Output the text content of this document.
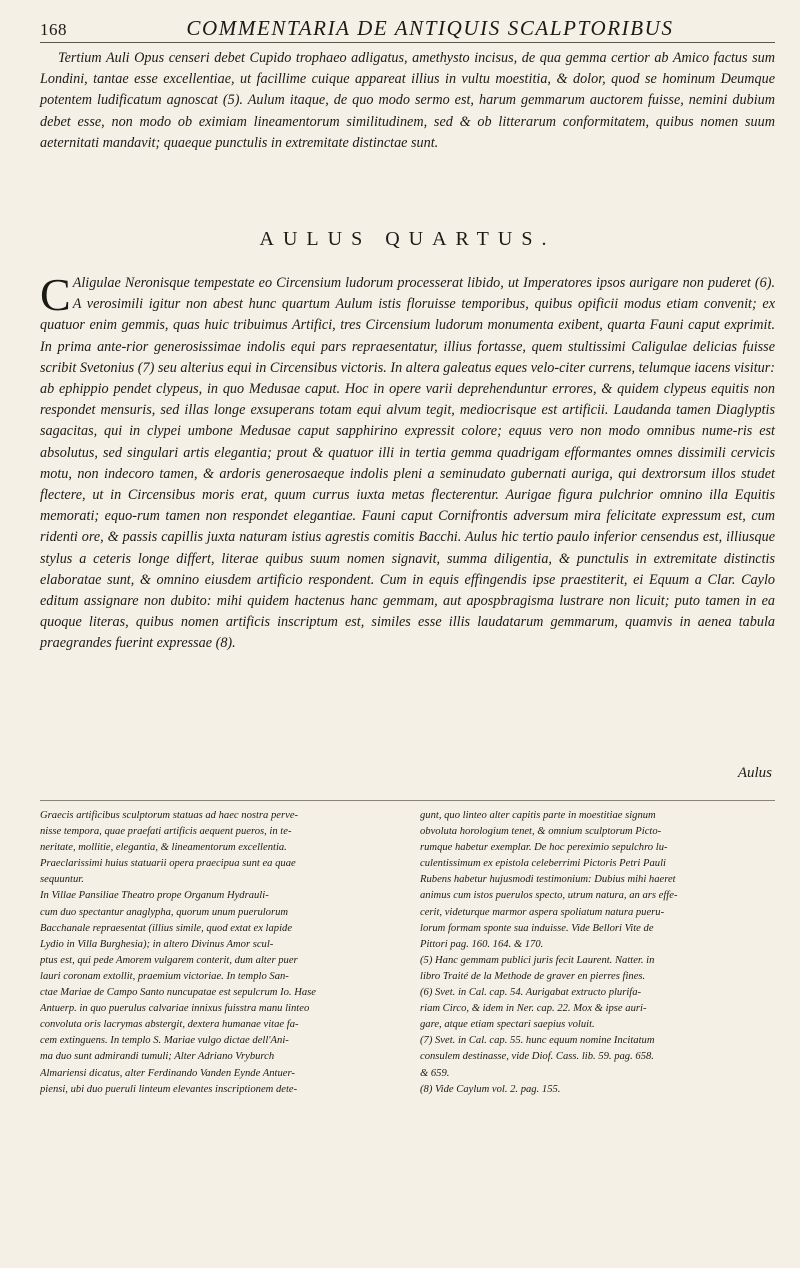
168	COMMENTARIA DE ANTIQUIS SCALPTORIBUS

Tertium Auli Opus censeri debet Cupido trophaeo adligatus, amethysto incisus, de qua gemma certior ab Amico factus sum Londini, tantae esse excellentiae, ut facillime cuique appareat illius in vultu moestitia, & dolor, quod se hominum Deumque potentem ludificatum agnoscat (5). Aulum itaque, de quo modo sermo est, harum gemmarum auctorem fuisse, nemini dubium debet esse, non modo ob eximiam lineamentorum similitudinem, sed & ob litterarum conformitatem, quibus nomen suum aeternitati mandavit; quaeque punctulis in extremitate distinctae sunt.

AULUS QUARTUS.

C Aligulae Neronisque tempestate eo Circensium ludorum processerat libido, ut Imperatores ipsos aurigare non puderet (6). A verosimili igitur non abest hunc quartum Aulum istis floruisse temporibus, quibus opificii modus etiam convenit; ex quatuor enim gemmis, quas huic tribuimus Artifici, tres Circensium ludorum monumenta exibent, quarta Fauni caput exprimit. In prima ante-rior generosissimae indolis equi pars repraesentatur, illius fortasse, quem stultissimi Caligulae delicias fuisse scribit Svetonius (7) seu alterius equi in Circensibus victoris. In altera galeatus eques velo-citer currens, telumque iacens visitur: ab ephippio pendet clypeus, in quo Medusae caput. Hoc in opere varii deprehenduntur errores, & quidem clypeus equitis non respondet mensuris, sed illas longe exsuperans totam equi alvum tegit, mediocrisque est artificii. Laudanda tamen Diaglyptis sagacitas, qui in clypei umbone Medusae caput sapphirino expressit colore; equus vero non modo omnibus nume-ris est absolutus, sed singulari artis elegantia; prout & quatuor illi in tertia gemma quadrigam efformantes omnes dissimili cervicis motu, non indecoro tamen, & ardoris generosaeque indolis pleni a seminudato gubernati auriga, qui dextrorsum illos studet flectere, ut in Circensibus moris erat, quum currus iuxta metas flecterentur. Aurigae figura pulchrior omnino illa Equitis memorati; equo-rum tamen non respondet elegantiae. Fauni caput Cornifrontis adversum mira felicitate expressum est, cum ridenti ore, & passis capillis juxta naturam istius agrestis comitis Bacchi. Aulus hic tertio paulo inferior censendus est, illiusque stylus a ceteris longe differt, literae quibus suum nomen signavit, summa diligentia, & punctulis in extremitate distinctis elaboratae sunt, & omnino eiusdem artificio respondent. Cum in equis effingendis ipse praestiterit, ei Equum a Clar. Caylo editum assignare non dubito: mihi quidem hactenus hanc gemmam, aut apospbragisma lustrare non licuit; puto tamen in ea quoque literas, quibus nomen artificis inscriptum est, similes esse illis laudatarum gemmarum, quamvis in aenea tabula praegrandes fuerint expressae (8).

Aulus
Graecis artificibus sculptorum statuas ad haec nostra perve-
nisse tempora, quae praefati artificis aequent pueros, in te-
neritate, mollitie, elegantia, & lineamentorum excellentia.
Praeclarissimi huius statuarii opera praecipua sunt ea quae
sequuntur.
In Villae Pansiliae Theatro prope Organum Hydrauli-
cum duo spectantur anaglypha, quorum unum puerulorum
Bacchanale repraesentat (illius simile, quod extat ex lapide
Lydio in Villa Burghesia); in altero Divinus Amor scul-
ptus est, qui pede Amorem vulgarem conterit, dum alter puer
lauri coronam extollit, praemium victoriae. In templo San-
ctae Mariae de Campo Santo nuncupatae est sepulcrum Io. Hase
Antuerp. in quo puerulus calvariae innixus fuisstra manu linteo
convoluta oris lacrymas abstergit, dextera humanae vitae fa-
cem extinguens. In templo S. Mariae vulgo dictae dell'Ani-
ma duo sunt admirandi tumuli; Alter Adriano Vryburch
Almariensi dicatus, alter Ferdinando Vanden Eynde Antuer-
piensi, ubi duo pueruli linteum elevantes inscriptionem dete-
gunt, quo linteo alter capitis parte in moestitiae signum
obvoluta horologium tenet, & omnium sculptorum Picto-
rumque habetur exemplar. De hoc pereximio sepulchro lu-
culentissimum ex epistola celeberrimi Pictoris Petri Pauli
Rubens habetur hujusmodi testimonium: Dubius mihi haeret
animus cum istos puerulos specto, utrum natura, an ars effe-
cerit, videturque marmor aspera spoliatum natura pueru-
lorum formam sponte sua induisse. Vide Bellori Vite de
Pittori pag. 160. 164. & 170.
(5) Hanc gemmam publici juris fecit Laurent. Natter. in
libro Traité de la Methode de graver en pierres fines.
(6) Svet. in Cal. cap. 54. Aurigabat extructo plurifa-
riam Circo, & idem in Ner. cap. 22. Mox & ipse auri-
gare, atque etiam spectari saepius voluit.
(7) Svet. in Cal. cap. 55. hunc equum nomine Incitatum
consulem destinasse, vide Diof. Cass. lib. 59. pag. 658.
& 659.
(8) Vide Caylum vol. 2. pag. 155.
